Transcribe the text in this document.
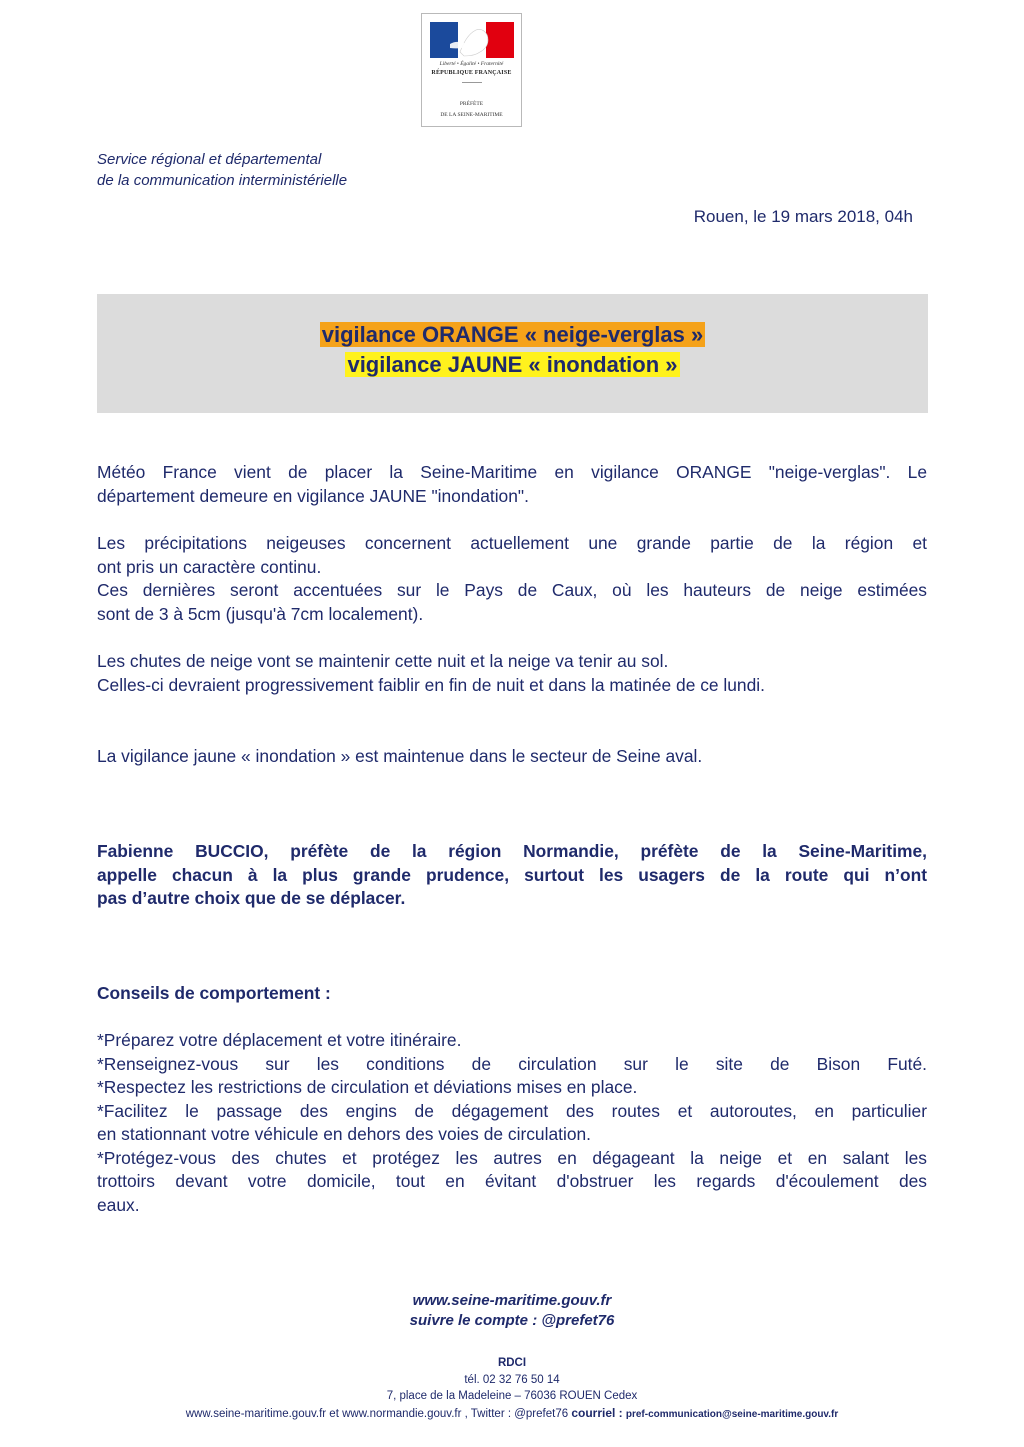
Liberté • Égalité • Fraternité
RÉPUBLIQUE FRANÇAISE
PRÉFÈTE
DE LA SEINE-MARITIME
Service régional et départemental
de la communication interministérielle
Rouen, le 19 mars 2018, 04h
vigilance ORANGE « neige-verglas »
vigilance JAUNE « inondation »
Météo France vient de placer la Seine-Maritime en vigilance ORANGE "neige-verglas". Le
département demeure en vigilance JAUNE "inondation".
Les précipitations neigeuses concernent actuellement une grande partie de la région et
ont pris un caractère continu.
Ces dernières seront accentuées sur le Pays de Caux, où les hauteurs de neige estimées
sont de 3 à 5cm (jusqu'à 7cm localement).
Les chutes de neige vont se maintenir cette nuit et la neige va tenir au sol.
Celles-ci devraient progressivement faiblir en fin de nuit et dans la matinée de ce lundi.
La vigilance jaune « inondation » est maintenue dans le secteur de Seine aval.
Fabienne BUCCIO, préfète de la région Normandie, préfète de la Seine-Maritime,
appelle chacun à la plus grande prudence, surtout les usagers de la route qui n’ont
pas d’autre choix que de se déplacer.
Conseils de comportement :
*Préparez votre déplacement et votre itinéraire.
*Renseignez-vous sur les conditions de circulation sur le site de Bison Futé.
*Respectez les restrictions de circulation et déviations mises en place.
*Facilitez le passage des engins de dégagement des routes et autoroutes, en particulier
en stationnant votre véhicule en dehors des voies de circulation.
*Protégez-vous des chutes et protégez les autres en dégageant la neige et en salant les
trottoirs devant votre domicile, tout en évitant d'obstruer les regards d'écoulement des
eaux.
www.seine-maritime.gouv.fr
suivre le compte : @prefet76
RDCI
tél. 02 32 76 50 14
7, place de la Madeleine – 76036 ROUEN Cedex
www.seine-maritime.gouv.fr et www.normandie.gouv.fr , Twitter : @prefet76 courriel : pref-communication@seine-maritime.gouv.fr
